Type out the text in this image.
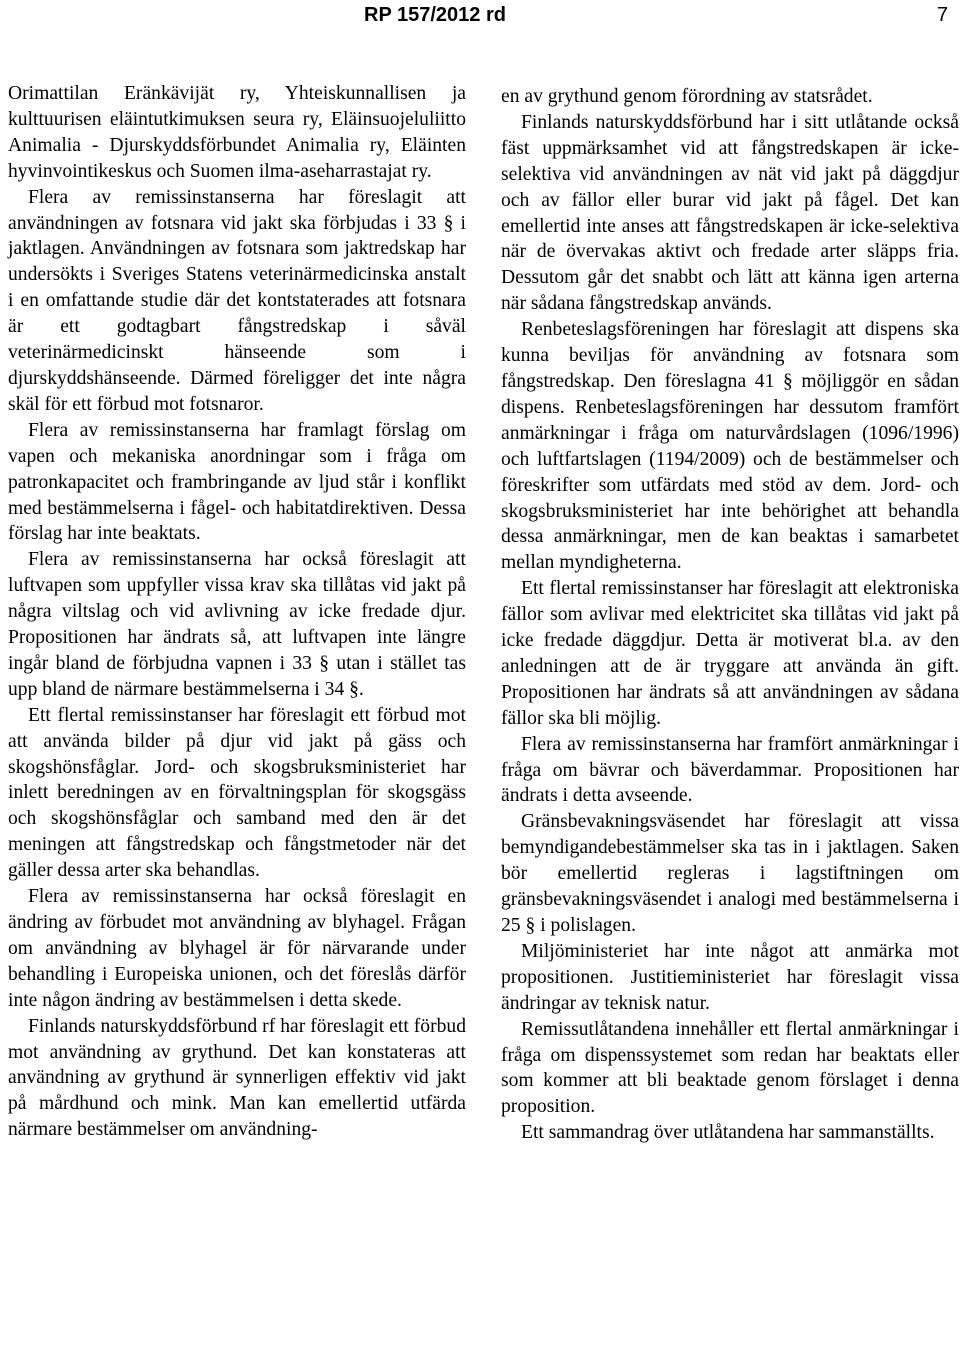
RP 157/2012 rd	7

Orimattilan Eränkävijät ry, Yhteiskunnallisen ja kulttuurisen eläintutkimuksen seura ry, Eläinsuojeluliitto Animalia - Djurskyddsförbundet Animalia ry, Eläinten hyvinvointikeskus och Suomen ilma-aseharrastajat ry.

Flera av remissinstanserna har föreslagit att användningen av fotsnara vid jakt ska förbjudas i 33 § i jaktlagen. Användningen av fotsnara som jaktredskap har undersökts i Sveriges Statens veterinärmedicinska anstalt i en omfattande studie där det kontstaterades att fotsnara är ett godtagbart fångstredskap i såväl veterinärmedicinskt hänseende som i djurskyddshänseende. Därmed föreligger det inte några skäl för ett förbud mot fotsnaror.

Flera av remissinstanserna har framlagt förslag om vapen och mekaniska anordningar som i fråga om patronkapacitet och frambringande av ljud står i konflikt med bestämmelserna i fågel- och habitatdirektiven. Dessa förslag har inte beaktats.

Flera av remissinstanserna har också föreslagit att luftvapen som uppfyller vissa krav ska tillåtas vid jakt på några viltslag och vid avlivning av icke fredade djur. Propositionen har ändrats så, att luftvapen inte längre ingår bland de förbjudna vapnen i 33 § utan i stället tas upp bland de närmare bestämmelserna i 34 §.

Ett flertal remissinstanser har föreslagit ett förbud mot att använda bilder på djur vid jakt på gäss och skogshönsfåglar. Jord- och skogsbruksministeriet har inlett beredningen av en förvaltningsplan för skogsgäss och skogshönsfåglar och samband med den är det meningen att fångstredskap och fångstmetoder när det gäller dessa arter ska behandlas.

Flera av remissinstanserna har också föreslagit en ändring av förbudet mot användning av blyhagel. Frågan om användning av blyhagel är för närvarande under behandling i Europeiska unionen, och det föreslås därför inte någon ändring av bestämmelsen i detta skede.

Finlands naturskyddsförbund rf har föreslagit ett förbud mot användning av grythund. Det kan konstateras att användning av grythund är synnerligen effektiv vid jakt på mårdhund och mink. Man kan emellertid utfärda närmare bestämmelser om användning-

en av grythund genom förordning av statsrådet.

Finlands naturskyddsförbund har i sitt utlåtande också fäst uppmärksamhet vid att fångstredskapen är icke-selektiva vid användningen av nät vid jakt på däggdjur och av fällor eller burar vid jakt på fågel. Det kan emellertid inte anses att fångstredskapen är icke-selektiva när de övervakas aktivt och fredade arter släpps fria. Dessutom går det snabbt och lätt att känna igen arterna när sådana fångstredskap används.

Renbeteslagsföreningen har föreslagit att dispens ska kunna beviljas för användning av fotsnara som fångstredskap. Den föreslagna 41 § möjliggör en sådan dispens. Renbeteslagsföreningen har dessutom framfört anmärkningar i fråga om naturvårdslagen (1096/1996) och luftfartslagen (1194/2009) och de bestämmelser och föreskrifter som utfärdats med stöd av dem. Jord- och skogsbruksministeriet har inte behörighet att behandla dessa anmärkningar, men de kan beaktas i samarbetet mellan myndigheterna.

Ett flertal remissinstanser har föreslagit att elektroniska fällor som avlivar med elektricitet ska tillåtas vid jakt på icke fredade däggdjur. Detta är motiverat bl.a. av den anledningen att de är tryggare att använda än gift. Propositionen har ändrats så att användningen av sådana fällor ska bli möjlig.

Flera av remissinstanserna har framfört anmärkningar i fråga om bävrar och bäverdammar. Propositionen har ändrats i detta avseende.

Gränsbevakningsväsendet har föreslagit att vissa bemyndigandebestämmelser ska tas in i jaktlagen. Saken bör emellertid regleras i lagstiftningen om gränsbevakningsväsendet i analogi med bestämmelserna i 25 § i polislagen.

Miljöministeriet har inte något att anmärka mot propositionen. Justitieministeriet har föreslagit vissa ändringar av teknisk natur.

Remissutlåtandena innehåller ett flertal anmärkningar i fråga om dispenssystemet som redan har beaktats eller som kommer att bli beaktade genom förslaget i denna proposition.

Ett sammandrag över utlåtandena har sammanställts.
